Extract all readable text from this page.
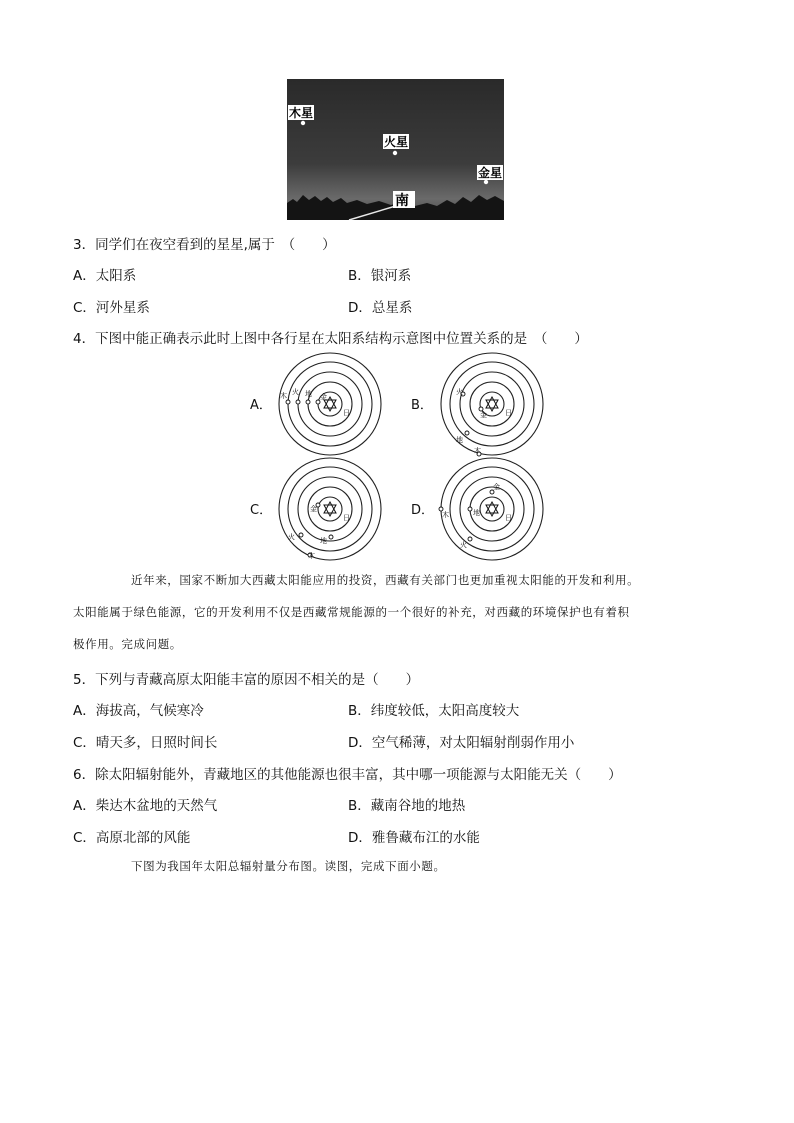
木星
火星
金星
南
3．同学们在夜空看到的星星,属于　（　　）
A．太阳系	B．银河系
C．河外星系	D．总星系
4．下图中能正确表示此时上图中各行星在太阳系结构示意图中位置关系的是　（　　）
日	日
日	日
金
地
火
木
金
火
地
木
金
地
火
木
金
地
火
木
A．	B．
C．	D．
近年来，国家不断加大西藏太阳能应用的投资，西藏有关部门也更加重视太阳能的开发和利用。
太阳能属于绿色能源，它的开发利用不仅是西藏常规能源的一个很好的补充，对西藏的环境保护也有着积
极作用。完成问题。
5．下列与青藏高原太阳能丰富的原因不相关的是（　　）
A．海拔高，气候寒冷	B．纬度较低，太阳高度较大
C．晴天多，日照时间长	D．空气稀薄，对太阳辐射削弱作用小
6．除太阳辐射能外，青藏地区的其他能源也很丰富，其中哪一项能源与太阳能无关（　　）
A．柴达木盆地的天然气	B．藏南谷地的地热
C．高原北部的风能	D．雅鲁藏布江的水能
下图为我国年太阳总辐射量分布图。读图，完成下面小题。
